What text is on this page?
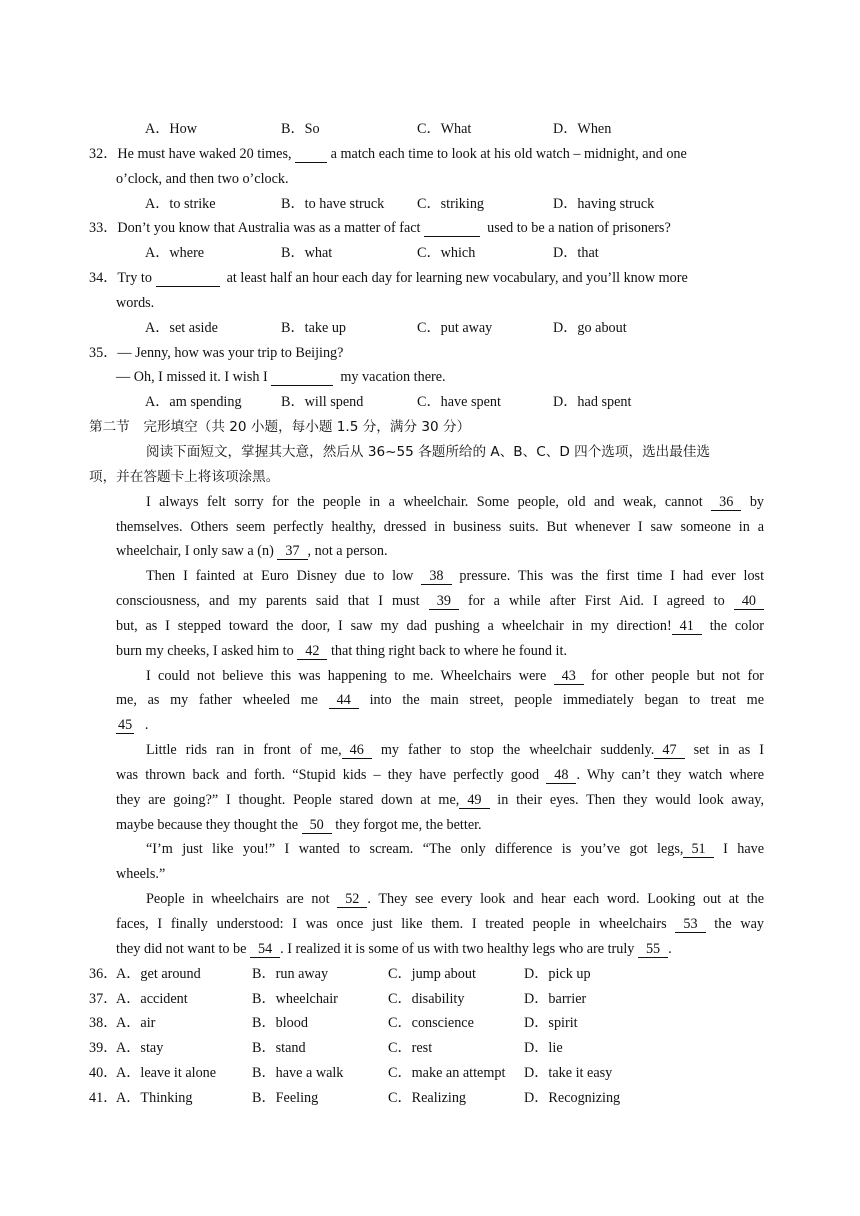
A．How	B．So	C．What	D．When
32．He must have waked 20 times,	a match each time to look at his old watch – midnight, and one
o’clock, and then two o’clock.
A．to strike	B．to have struck C．striking	D．having struck
33．Don’t you know that Australia was as a matter of fact	used to be a nation of prisoners?
A．where	B．what	C．which	D．that
34．Try to	at least half an hour each day for learning new vocabulary, and you’ll know more
words.
A．set aside	B．take up	C．put away	D．go about
35．— Jenny, how was your trip to Beijing?
— Oh, I missed it. I wish I	my vacation there.
A．am spending	B．will spend	C．have spent	D．had spent
第二节　完形填空（共 20 小题，每小题 1.5 分，满分 30 分）
阅读下面短文，掌握其大意，然后从 36~55 各题所给的 A、B、C、D 四个选项，选出最佳选
项，并在答题卡上将该项涂黑。
I always felt sorry for the people in a wheelchair. Some people, old and weak, cannot 36 by
themselves. Others seem perfectly healthy, dressed in business suits. But whenever I saw someone in a
wheelchair, I only saw a (n) 37 , not a person.
Then I fainted at Euro Disney due to low 38 pressure. This was the first time I had ever lost
consciousness, and my parents said that I must 39 for a while after First Aid. I agreed to 40
but, as I stepped toward the door, I saw my dad pushing a wheelchair in my direction! 41 the color
burn my cheeks, I asked him to 42 that thing right back to where he found it.
I could not believe this was happening to me. Wheelchairs were 43 for other people but not for
me, as my father wheeled me 44 into the main street, people immediately began to treat me
45 .
Little rids ran in front of me, 46 my father to stop the wheelchair suddenly. 47 set in as I
was thrown back and forth. “Stupid kids – they have perfectly good 48 . Why can’t they watch where
they are going?” I thought. People stared down at me, 49 in their eyes. Then they would look away,
maybe because they thought the 50 they forgot me, the better.
“I’m just like you!” I wanted to scream. “The only difference is you’ve got legs, 51 I have
wheels.”
People in wheelchairs are not 52 . They see every look and hear each word. Looking out at the
faces, I finally understood: I was once just like them. I treated people in wheelchairs 53 the way
they did not want to be 54 . I realized it is some of us with two healthy legs who are truly 55 .
36．A．get around	B．run away	C．jump about	D．pick up
37．A．accident	B．wheelchair	C．disability	D．barrier
38．A．air	B．blood	C．conscience	D．spirit
39．A．stay	B．stand	C．rest	D．lie
40．A．leave it alone	B．have a walk	C．make an attempt D．take it easy
41．A．Thinking	B．Feeling	C．Realizing	D．Recognizing
